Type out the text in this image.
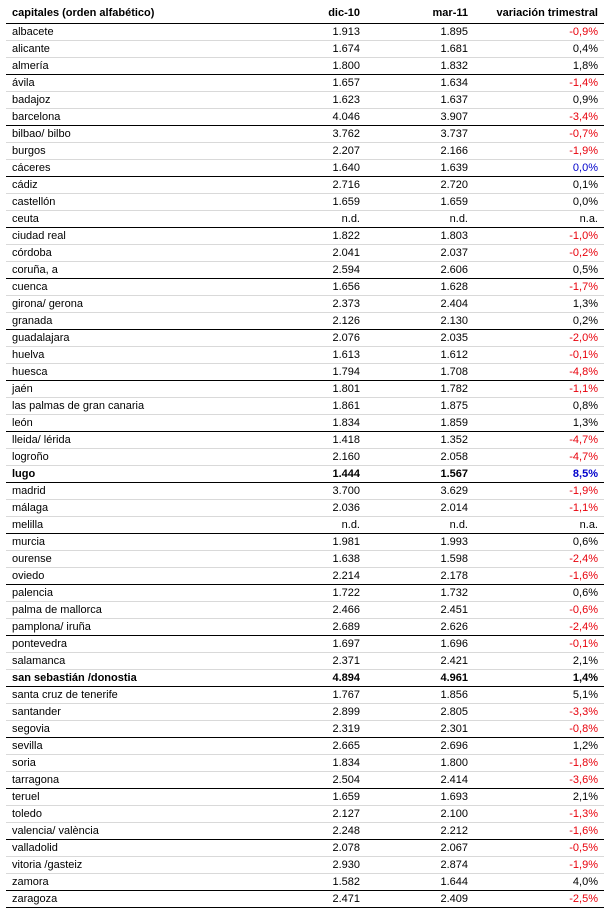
capitales (orden alfabético)	dic-10	mar-11	variación trimestral
albacete	1.913	1.895	-0,9%
alicante	1.674	1.681	0,4%
almería	1.800	1.832	1,8%
ávila	1.657	1.634	-1,4%
badajoz	1.623	1.637	0,9%
barcelona	4.046	3.907	-3,4%
bilbao/ bilbo	3.762	3.737	-0,7%
burgos	2.207	2.166	-1,9%
cáceres	1.640	1.639	0,0%
cádiz	2.716	2.720	0,1%
castellón	1.659	1.659	0,0%
ceuta	n.d.	n.d.	n.a.
ciudad real	1.822	1.803	-1,0%
córdoba	2.041	2.037	-0,2%
coruña, a	2.594	2.606	0,5%
cuenca	1.656	1.628	-1,7%
girona/ gerona	2.373	2.404	1,3%
granada	2.126	2.130	0,2%
guadalajara	2.076	2.035	-2,0%
huelva	1.613	1.612	-0,1%
huesca	1.794	1.708	-4,8%
jaén	1.801	1.782	-1,1%
las palmas de gran canaria	1.861	1.875	0,8%
león	1.834	1.859	1,3%
lleida/ lérida	1.418	1.352	-4,7%
logroño	2.160	2.058	-4,7%
lugo	1.444	1.567	8,5%
madrid	3.700	3.629	-1,9%
málaga	2.036	2.014	-1,1%
melilla	n.d.	n.d.	n.a.
murcia	1.981	1.993	0,6%
ourense	1.638	1.598	-2,4%
oviedo	2.214	2.178	-1,6%
palencia	1.722	1.732	0,6%
palma de mallorca	2.466	2.451	-0,6%
pamplona/ iruña	2.689	2.626	-2,4%
pontevedra	1.697	1.696	-0,1%
salamanca	2.371	2.421	2,1%
san sebastián /donostia	4.894	4.961	1,4%
santa cruz de tenerife	1.767	1.856	5,1%
santander	2.899	2.805	-3,3%
segovia	2.319	2.301	-0,8%
sevilla	2.665	2.696	1,2%
soria	1.834	1.800	-1,8%
tarragona	2.504	2.414	-3,6%
teruel	1.659	1.693	2,1%
toledo	2.127	2.100	-1,3%
valencia/ valència	2.248	2.212	-1,6%
valladolid	2.078	2.067	-0,5%
vitoria /gasteiz	2.930	2.874	-1,9%
zamora	1.582	1.644	4,0%
zaragoza	2.471	2.409	-2,5%
